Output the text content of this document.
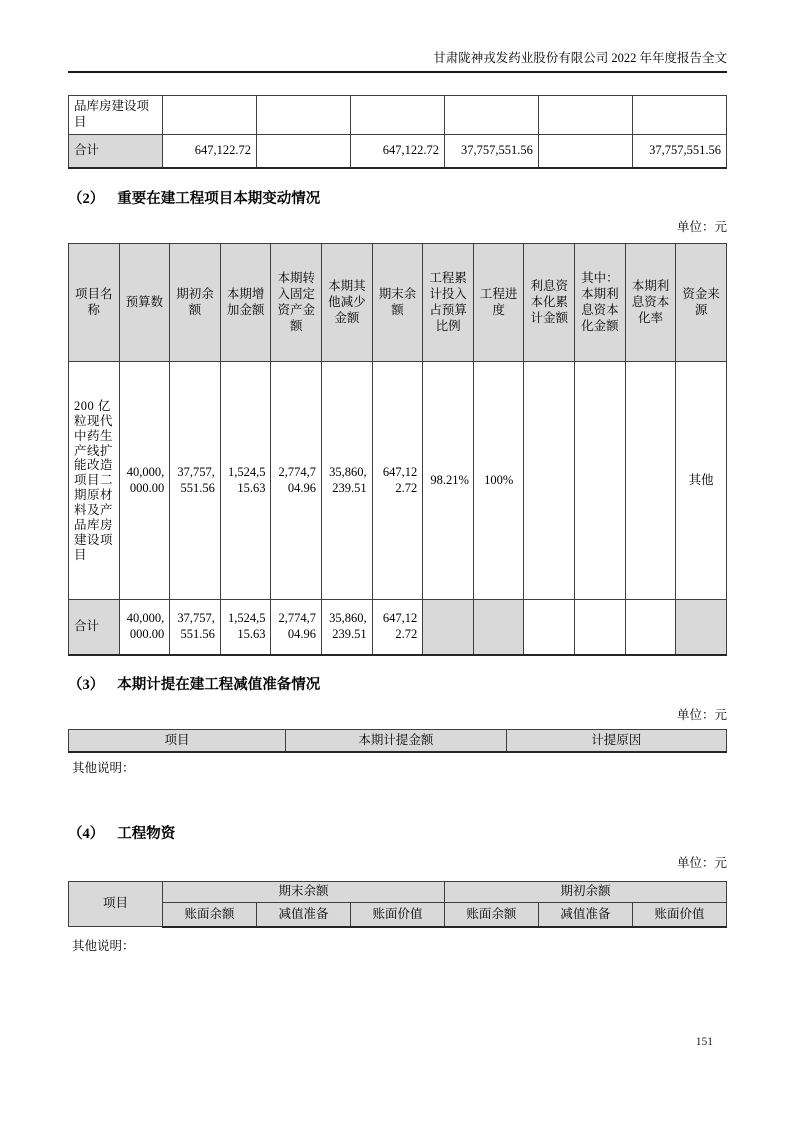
甘肃陇神戎发药业股份有限公司 2022 年年度报告全文
品库房建设项目						
合计	647,122.72		647,122.72	37,757,551.56		37,757,551.56
（2） 重要在建工程项目本期变动情况
单位：元
项目名称	预算数	期初余额	本期增加金额	本期转入固定资产金额	本期其他减少金额	期末余额	工程累计投入占预算比例	工程进度	利息资本化累计金额	其中：本期利息资本化金额	本期利息资本化率	资金来源
200 亿粒现代中药生产线扩能改造项目二期原材料及产品库房建设项目	40,000,000.00	37,757,551.56	1,524,515.63	2,774,704.96	35,860,239.51	647,122.72	98.21%	100%				其他
合计	40,000,000.00	37,757,551.56	1,524,515.63	2,774,704.96	35,860,239.51	647,122.72						
（3） 本期计提在建工程减值准备情况
单位：元
项目	本期计提金额	计提原因
其他说明：
（4） 工程物资
单位：元
项目	期末余额			期初余额		
	账面余额	减值准备	账面价值	账面余额	减值准备	账面价值
其他说明：
151
